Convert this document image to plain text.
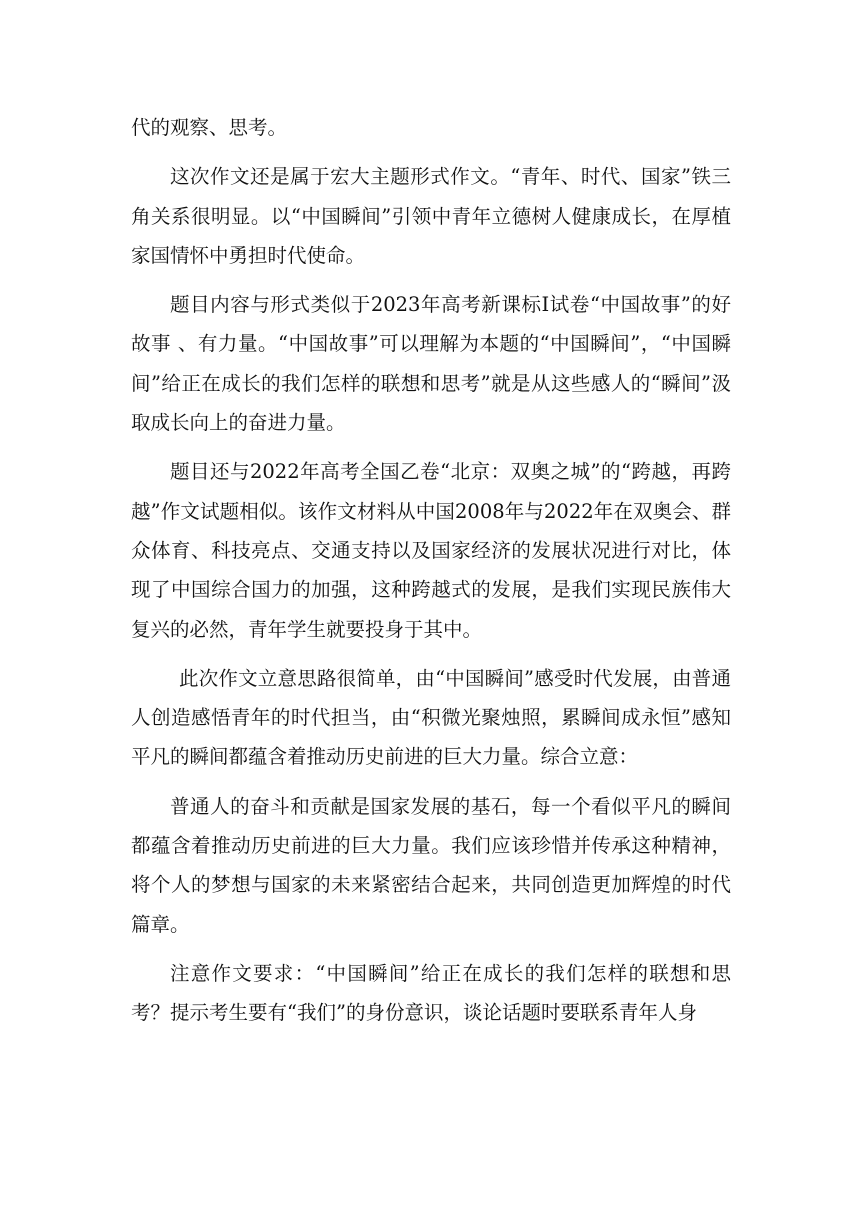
代的观察、思考。

这次作文还是属于宏大主题形式作文。“青年、时代、国家”铁三角关系很明显。以“中国瞬间”引领中青年立德树人健康成长，在厚植家国情怀中勇担时代使命。

题目内容与形式类似于2023年高考新课标Ⅰ试卷“中国故事”的好故事 、有力量。“中国故事”可以理解为本题的“中国瞬间”，“中国瞬间”给正在成长的我们怎样的联想和思考”就是从这些感人的“瞬间”汲取成长向上的奋进力量。

题目还与2022年高考全国乙卷“北京：双奥之城”的“跨越，再跨越”作文试题相似。该作文材料从中国2008年与2022年在双奥会、群众体育、科技亮点、交通支持以及国家经济的发展状况进行对比，体现了中国综合国力的加强，这种跨越式的发展，是我们实现民族伟大复兴的必然，青年学生就要投身于其中。

此次作文立意思路很简单，由“中国瞬间”感受时代发展，由普通人创造感悟青年的时代担当，由“积微光聚烛照，累瞬间成永恒”感知平凡的瞬间都蕴含着推动历史前进的巨大力量。综合立意：

普通人的奋斗和贡献是国家发展的基石，每一个看似平凡的瞬间都蕴含着推动历史前进的巨大力量。我们应该珍惜并传承这种精神，将个人的梦想与国家的未来紧密结合起来，共同创造更加辉煌的时代篇章。

注意作文要求：“中国瞬间”给正在成长的我们怎样的联想和思考？提示考生要有“我们”的身份意识，谈论话题时要联系青年人身
